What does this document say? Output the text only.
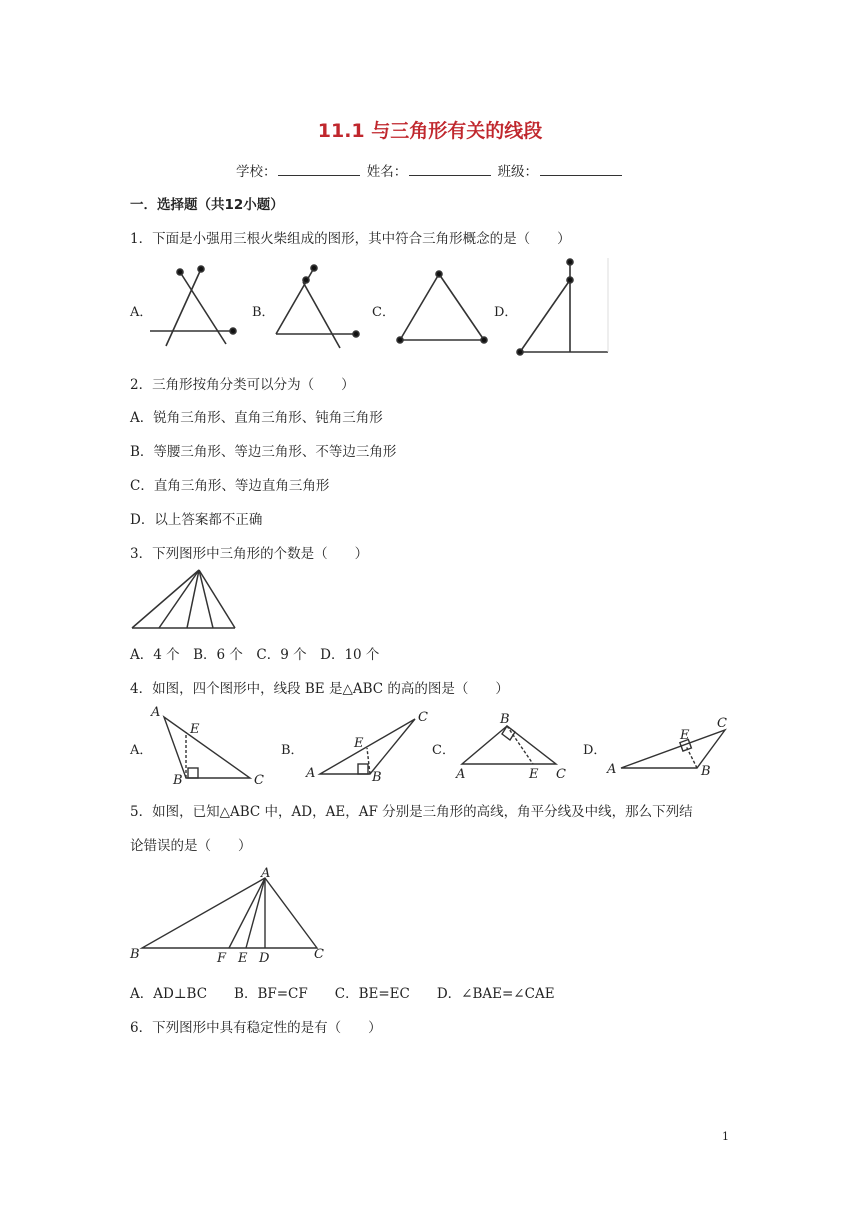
11.1 与三角形有关的线段
学校：	姓名：	班级：
一．选择题（共12小题）
1．下面是小强用三根火柴组成的图形，其中符合三角形概念的是（　　）
A．	B．	C．	D．
2．三角形按角分类可以分为（　　）
A．锐角三角形、直角三角形、钝角三角形
B．等腰三角形、等边三角形、不等边三角形
C．直角三角形、等边直角三角形
D．以上答案都不正确
3．下列图形中三角形的个数是（　　）
A．4 个　B．6 个　C．9 个　D．10 个
4．如图，四个图形中，线段 BE 是△ABC 的高的图是（　　）
A．	B．	C．	D．
A
E
B	C	A
E
B
C	B
A	E C	A
E
B
C
5．如图，已知△ABC 中，AD，AE，AF 分别是三角形的高线，角平分线及中线，那么下列结
论错误的是（　　）
A
B	C
F E D
A．AD⊥BC　　B．BF=CF　　C．BE=EC　　D．∠BAE=∠CAE
6．下列图形中具有稳定性的是有（　　）
1
